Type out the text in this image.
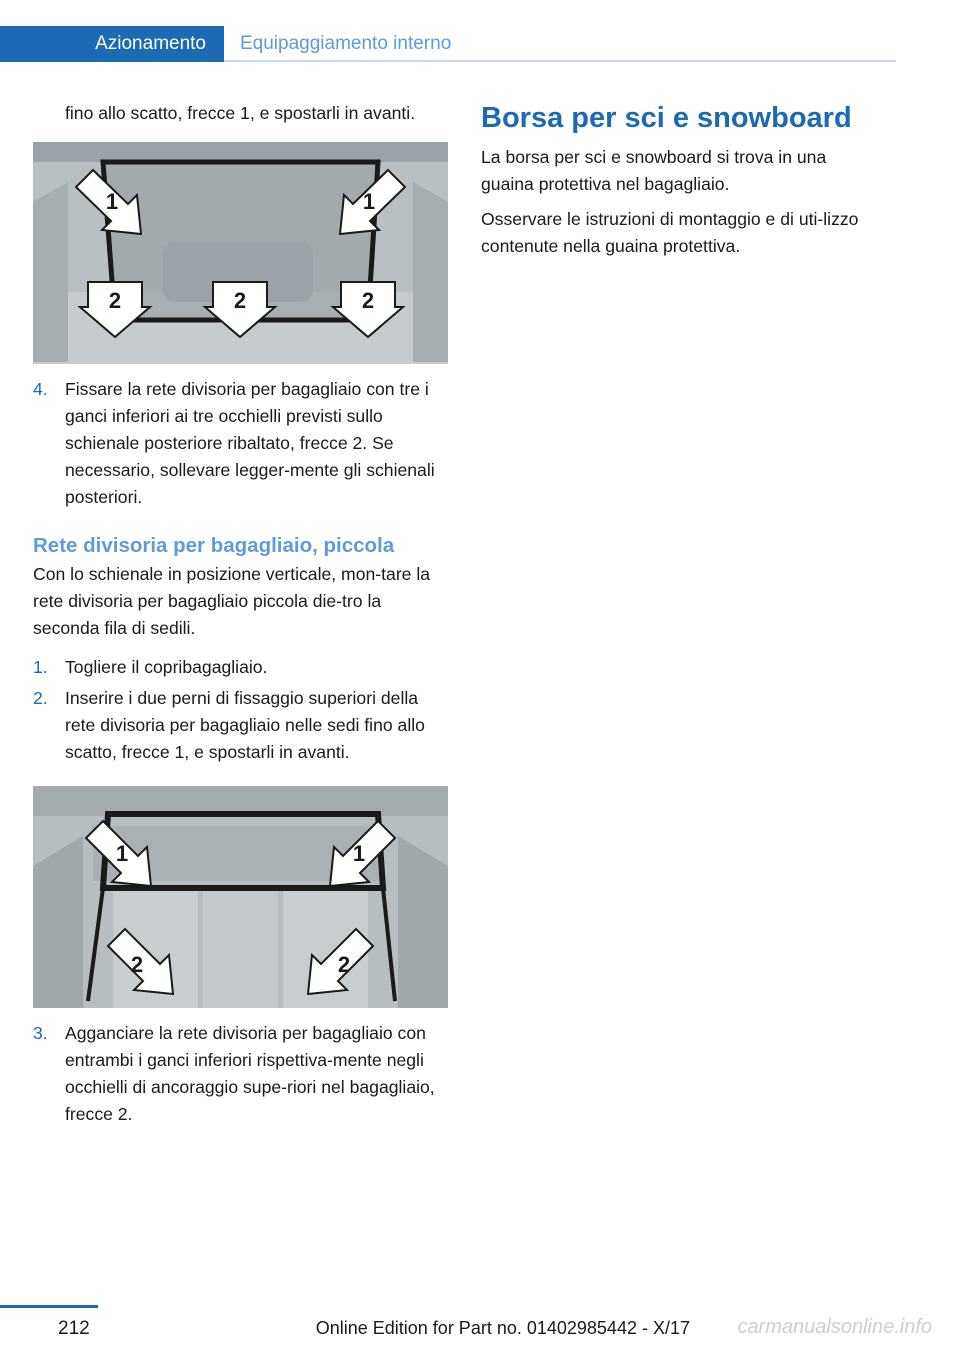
Azionamento	Equipaggiamento interno

fino allo scatto, frecce 1, e spostarli in avanti.

1	1
2	2	2
4. Fissare la rete divisoria per bagagliaio con tre i ganci inferiori ai tre occhielli previsti sullo schienale posteriore ribaltato, frecce 2. Se necessario, sollevare legger‐mente gli schienali posteriori.
Rete divisoria per bagagliaio, piccola

Con lo schienale in posizione verticale, mon‐tare la rete divisoria per bagagliaio piccola die‐tro la seconda fila di sedili.

1. Togliere il copribagagliaio.
2. Inserire i due perni di fissaggio superiori della rete divisoria per bagagliaio nelle sedi fino allo scatto, frecce 1, e spostarli in avanti.
1	1
2	2
3. Agganciare la rete divisoria per bagagliaio con entrambi i ganci inferiori rispettiva‐mente negli occhielli di ancoraggio supe‐riori nel bagagliaio, frecce 2.
Borsa per sci e snowboard

La borsa per sci e snowboard si trova in una guaina protettiva nel bagagliaio.

Osservare le istruzioni di montaggio e di uti‐lizzo contenute nella guaina protettiva.

212	Online Edition for Part no. 01402985442 - X/17 carmanualsonline.info
